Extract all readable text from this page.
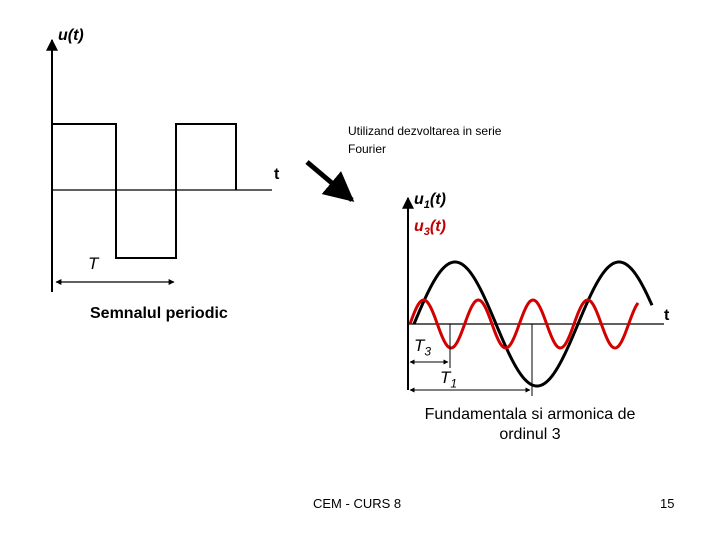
u(t)
t
T
Semnalul periodic
Utilizand dezvoltarea in serie
Fourier
$u_1(t)$
$u_3(t)$
t
$T_3$
$T_1$
Fundamentala si armonica de
ordinul 3
CEM - CURS 8	15
